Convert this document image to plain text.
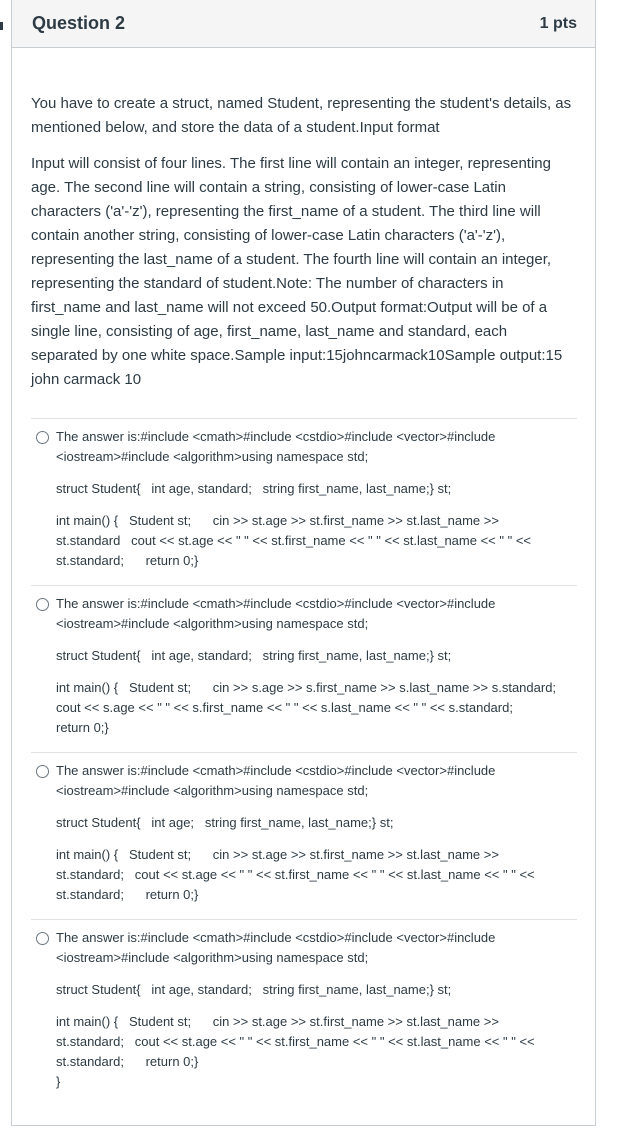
Question 2	1 pts

You have to create a struct, named Student, representing the student's details, as mentioned below, and store the data of a student.Input format

Input will consist of four lines. The first line will contain an integer, representing age. The second line will contain a string, consisting of lower-case Latin characters ('a'-'z'), representing the first_name of a student. The third line will contain another string, consisting of lower-case Latin characters ('a'-'z'), representing the last_name of a student. The fourth line will contain an integer, representing the standard of student.Note: The number of characters in first_name and last_name will not exceed 50.Output format:Output will be of a single line, consisting of age, first_name, last_name and standard, each separated by one white space.Sample input:15johncarmack10Sample output:15 john carmack 10

The answer is:#include <cmath>#include <cstdio>#include <vector>#include <iostream>#include <algorithm>using namespace std;

struct Student{   int age, standard;   string first_name, last_name;} st;

int main() {   Student st;      cin >> st.age >> st.first_name >> st.last_name >> st.standard   cout << st.age << " " << st.first_name << " " << st.last_name << " " << st.standard;      return 0;}

The answer is:#include <cmath>#include <cstdio>#include <vector>#include <iostream>#include <algorithm>using namespace std;

struct Student{   int age, standard;   string first_name, last_name;} st;

int main() {   Student st;      cin >> s.age >> s.first_name >> s.last_name >> s.standard;   cout << s.age << " " << s.first_name << " " << s.last_name << " " << s.standard;      return 0;}

The answer is:#include <cmath>#include <cstdio>#include <vector>#include <iostream>#include <algorithm>using namespace std;

struct Student{   int age;   string first_name, last_name;} st;

int main() {   Student st;      cin >> st.age >> st.first_name >> st.last_name >> st.standard;   cout << st.age << " " << st.first_name << " " << st.last_name << " " << st.standard;      return 0;}

The answer is:#include <cmath>#include <cstdio>#include <vector>#include <iostream>#include <algorithm>using namespace std;

struct Student{   int age, standard;   string first_name, last_name;} st;

int main() {   Student st;      cin >> st.age >> st.first_name >> st.last_name >> st.standard;   cout << st.age << " " << st.first_name << " " << st.last_name << " " << st.standard;      return 0;}

}
